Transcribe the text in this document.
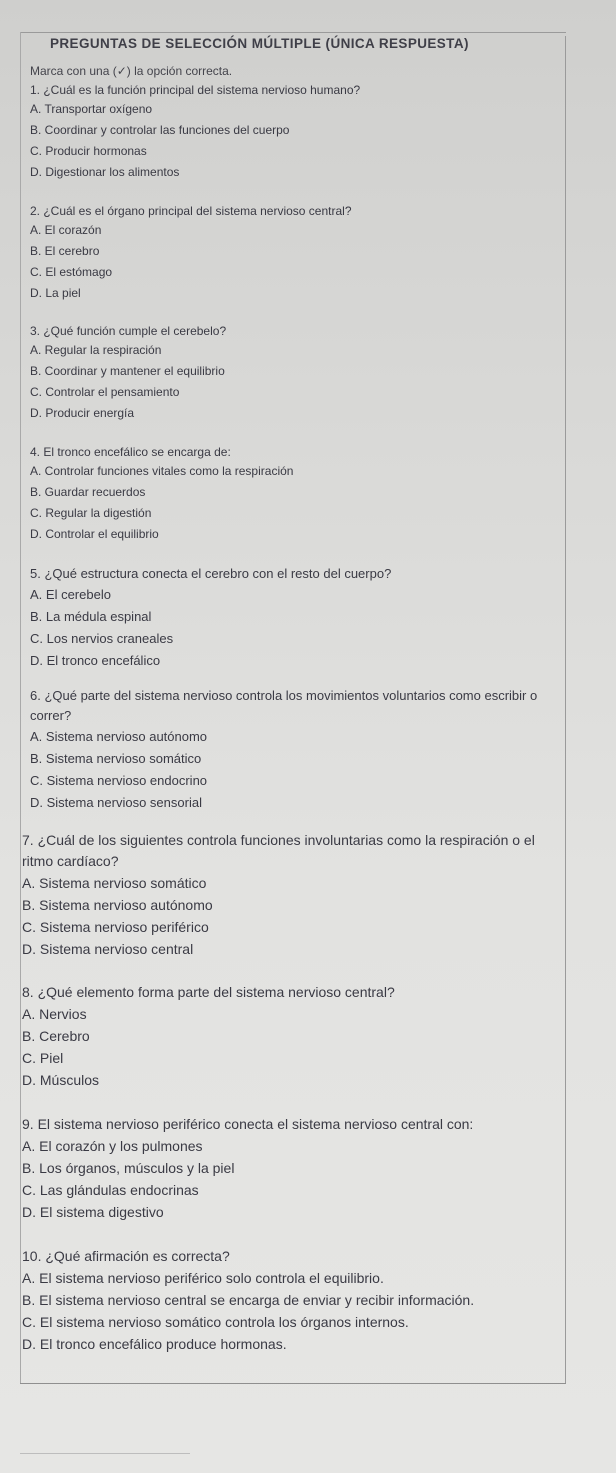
PREGUNTAS DE SELECCIÓN MÚLTIPLE (ÚNICA RESPUESTA)
Marca con una (✓) la opción correcta.
1. ¿Cuál es la función principal del sistema nervioso humano?
A. Transportar oxígeno
B. Coordinar y controlar las funciones del cuerpo
C. Producir hormonas
D. Digestionar los alimentos
2. ¿Cuál es el órgano principal del sistema nervioso central?
A. El corazón
B. El cerebro
C. El estómago
D. La piel
3. ¿Qué función cumple el cerebelo?
A. Regular la respiración
B. Coordinar y mantener el equilibrio
C. Controlar el pensamiento
D. Producir energía
4. El tronco encefálico se encarga de:
A. Controlar funciones vitales como la respiración
B. Guardar recuerdos
C. Regular la digestión
D. Controlar el equilibrio
5. ¿Qué estructura conecta el cerebro con el resto del cuerpo?
A. El cerebelo
B. La médula espinal
C. Los nervios craneales
D. El tronco encefálico
6. ¿Qué parte del sistema nervioso controla los movimientos voluntarios como escribir o correr?
A. Sistema nervioso autónomo
B. Sistema nervioso somático
C. Sistema nervioso endocrino
D. Sistema nervioso sensorial
7. ¿Cuál de los siguientes controla funciones involuntarias como la respiración o el ritmo cardíaco?
A. Sistema nervioso somático
B. Sistema nervioso autónomo
C. Sistema nervioso periférico
D. Sistema nervioso central
8. ¿Qué elemento forma parte del sistema nervioso central?
A. Nervios
B. Cerebro
C. Piel
D. Músculos
9. El sistema nervioso periférico conecta el sistema nervioso central con:
A. El corazón y los pulmones
B. Los órganos, músculos y la piel
C. Las glándulas endocrinas
D. El sistema digestivo
10. ¿Qué afirmación es correcta?
A. El sistema nervioso periférico solo controla el equilibrio.
B. El sistema nervioso central se encarga de enviar y recibir información.
C. El sistema nervioso somático controla los órganos internos.
D. El tronco encefálico produce hormonas.
